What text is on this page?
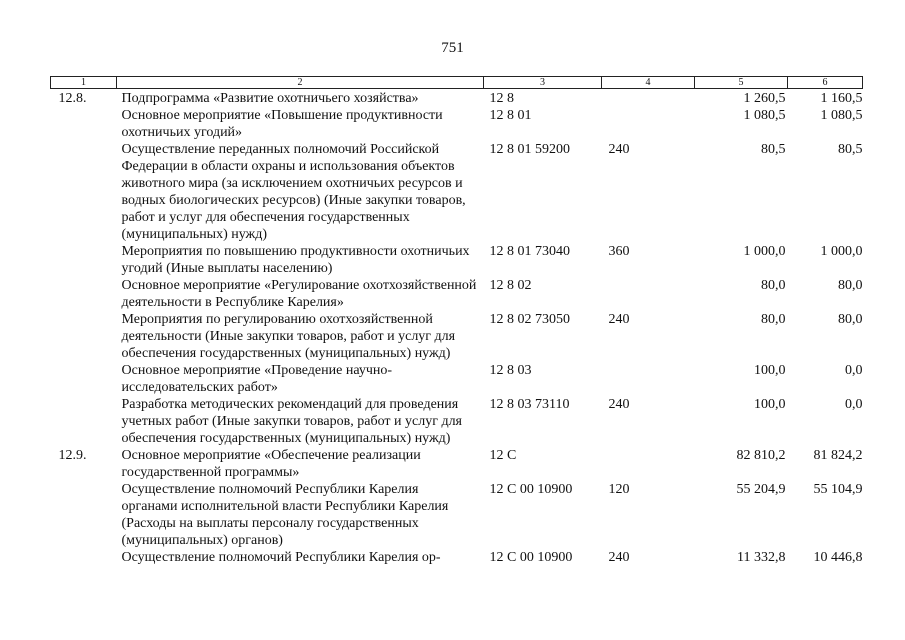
751
1	2	3	4	5	6
12.8.	Подпрограмма «Развитие охотничьего хозяйства»	12 8		1 260,5	1 160,5
	Основное мероприятие «Повышение продуктивности охотничьих угодий»	12 8 01		1 080,5	1 080,5
	Осуществление переданных полномочий Российской Федерации в области охраны и использования объектов животного мира (за исключением охотничьих ресурсов и водных биологических ресурсов) (Иные закупки товаров, работ и услуг для обеспечения государственных (муниципальных) нужд)	12 8 01 59200	240	80,5	80,5
	Мероприятия по повышению продуктивности охотничьих угодий (Иные выплаты населению)	12 8 01 73040	360	1 000,0	1 000,0
	Основное мероприятие «Регулирование охотхозяйственной деятельности в Республике Карелия»	12 8 02		80,0	80,0
	Мероприятия по регулированию охотхозяйственной деятельности (Иные закупки товаров, работ и услуг для обеспечения государственных (муниципальных) нужд)	12 8 02 73050	240	80,0	80,0
	Основное мероприятие «Проведение научно-исследовательских работ»	12 8 03		100,0	0,0
	Разработка методических рекомендаций для проведения учетных работ (Иные закупки товаров, работ и услуг для обеспечения государственных (муниципальных) нужд)	12 8 03 73110	240	100,0	0,0
12.9.	Основное мероприятие «Обеспечение реализации государственной программы»	12 С		82 810,2	81 824,2
	Осуществление полномочий Республики Карелия органами исполнительной власти Республики Карелия (Расходы на выплаты персоналу государственных (муниципальных) органов)	12 С 00 10900	120	55 204,9	55 104,9
	Осуществление полномочий Республики Карелия ор-	12 С 00 10900	240	11 332,8	10 446,8
